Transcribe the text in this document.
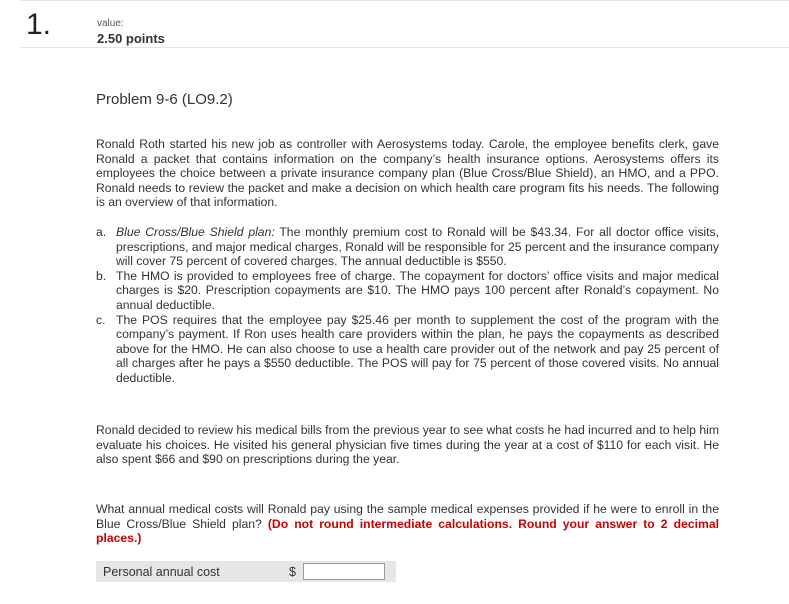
1.	value:
2.50 points
Problem 9-6 (LO9.2)

Ronald Roth started his new job as controller with Aerosystems today. Carole, the employee benefits clerk, gave Ronald a packet that contains information on the company’s health insurance options. Aerosystems offers its employees the choice between a private insurance company plan (Blue Cross/Blue Shield), an HMO, and a PPO. Ronald needs to review the packet and make a decision on which health care program fits his needs. The following is an overview of that information.

a. Blue Cross/Blue Shield plan: The monthly premium cost to Ronald will be $43.34. For all doctor office visits, prescriptions, and major medical charges, Ronald will be responsible for 25 percent and the insurance company will cover 75 percent of covered charges. The annual deductible is $550.
b. The HMO is provided to employees free of charge. The copayment for doctors’ office visits and major medical charges is $20. Prescription copayments are $10. The HMO pays 100 percent after Ronald’s copayment. No annual deductible.
c. The POS requires that the employee pay $25.46 per month to supplement the cost of the program with the company’s payment. If Ron uses health care providers within the plan, he pays the copayments as described above for the HMO. He can also choose to use a health care provider out of the network and pay 25 percent of all charges after he pays a $550 deductible. The POS will pay for 75 percent of those covered visits. No annual deductible.

Ronald decided to review his medical bills from the previous year to see what costs he had incurred and to help him evaluate his choices. He visited his general physician five times during the year at a cost of $110 for each visit. He also spent $66 and $90 on prescriptions during the year.

What annual medical costs will Ronald pay using the sample medical expenses provided if he were to enroll in the Blue Cross/Blue Shield plan? (Do not round intermediate calculations. Round your answer to 2 decimal places.)

Personal annual cost	$
